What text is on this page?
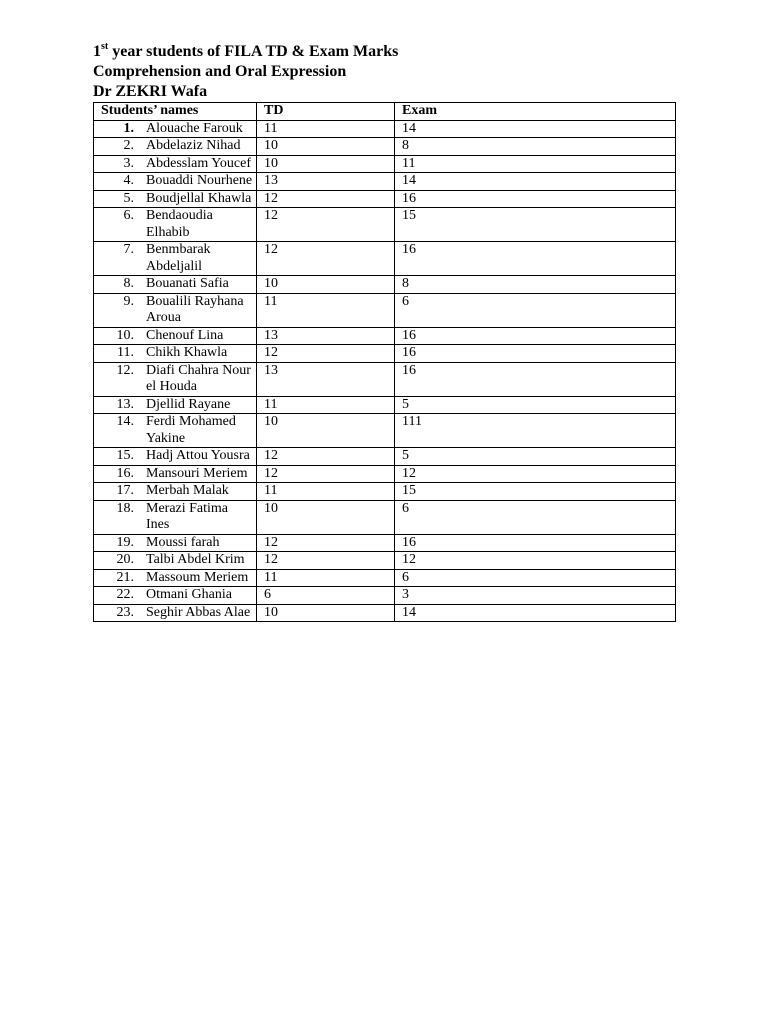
1st year students of FILA TD & Exam Marks
Comprehension and Oral Expression
Dr ZEKRI Wafa
Students’ names	TD	Exam

1. Alouache Farouk	11	14

2. Abdelaziz Nihad	10	8

3. Abdesslam Youcef	10	11

4. Bouaddi Nourhene	13	14

5. Boudjellal Khawla	12	16

6. Bendaoudia Elhabib	12	15

7. Benmbarak Abdeljalil	12	16

8. Bouanati Safia	10	8

9. Boualili Rayhana Aroua	11	6

10. Chenouf Lina	13	16

11. Chikh Khawla	12	16

12. Diafi Chahra Nour el Houda	13	16

13. Djellid Rayane	11	5

14. Ferdi Mohamed Yakine	10	111

15. Hadj Attou Yousra	12	5

16. Mansouri Meriem	12	12

17. Merbah Malak	11	15

18. Merazi Fatima Ines	10	6

19. Moussi farah	12	16

20. Talbi Abdel Krim	12	12

21. Massoum Meriem	11	6

22. Otmani Ghania	6	3

23. Seghir Abbas Alae	10	14
